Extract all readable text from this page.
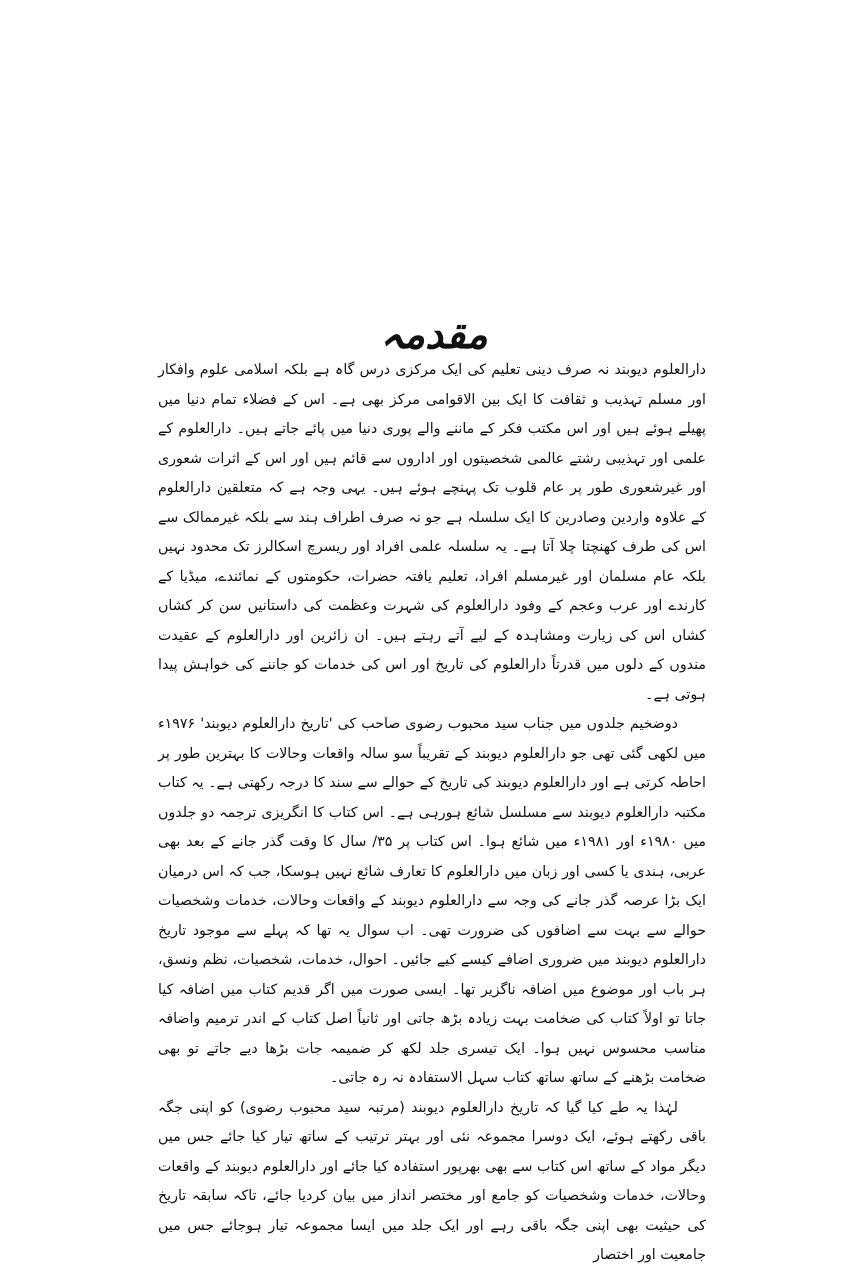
مقدمہ

دارالعلوم دیوبند نہ صرف دینی تعلیم کی ایک مرکزی درس گاہ ہے بلکہ اسلامی علوم وافکار اور مسلم تہذیب و ثقافت کا ایک بین الاقوامی مرکز بھی ہے۔ اس کے فضلاء تمام دنیا میں پھیلے ہوئے ہیں اور اس مکتب فکر کے ماننے والے پوری دنیا میں پائے جاتے ہیں۔ دارالعلوم کے علمی اور تہذیبی رشتے عالمی شخصیتوں اور اداروں سے قائم ہیں اور اس کے اثرات شعوری اور غیرشعوری طور پر عام قلوب تک پہنچے ہوئے ہیں۔ یہی وجہ ہے کہ متعلقین دارالعلوم کے علاوہ واردین وصادرین کا ایک سلسلہ ہے جو نہ صرف اطراف ہند سے بلکہ غیرممالک سے اس کی طرف کھنچتا چلا آتا ہے۔ یہ سلسلہ علمی افراد اور ریسرچ اسکالرز تک محدود نہیں بلکہ عام مسلمان اور غیرمسلم افراد، تعلیم یافتہ حضرات، حکومتوں کے نمائندے، میڈیا کے کارندے اور عرب وعجم کے وفود دارالعلوم کی شہرت وعظمت کی داستانیں سن کر کشاں کشاں اس کی زیارت ومشاہدہ کے لیے آتے رہتے ہیں۔ ان زائرین اور دارالعلوم کے عقیدت مندوں کے دلوں میں قدرتاً دارالعلوم کی تاریخ اور اس کی خدمات کو جاننے کی خواہش پیدا ہوتی ہے۔

دوضخیم جلدوں میں جناب سید محبوب رضوی صاحب کی 'تاریخ دارالعلوم دیوبند' ۱۹۷۶ء میں لکھی گئی تھی جو دارالعلوم دیوبند کے تقریباً سو سالہ واقعات وحالات کا بہترین طور پر احاطہ کرتی ہے اور دارالعلوم دیوبند کی تاریخ کے حوالے سے سند کا درجہ رکھتی ہے۔ یہ کتاب مکتبہ دارالعلوم دیوبند سے مسلسل شائع ہورہی ہے۔ اس کتاب کا انگریزی ترجمہ دو جلدوں میں ۱۹۸۰ء اور ۱۹۸۱ء میں شائع ہوا۔ اس کتاب پر ۳۵/ سال کا وقت گذر جانے کے بعد بھی عربی، ہندی یا کسی اور زبان میں دارالعلوم کا تعارف شائع نہیں ہوسکا، جب کہ اس درمیان ایک بڑا عرصہ گذر جانے کی وجہ سے دارالعلوم دیوبند کے واقعات وحالات، خدمات وشخصیات حوالے سے بہت سے اضافوں کی ضرورت تھی۔ اب سوال یہ تھا کہ پہلے سے موجود تاریخ دارالعلوم دیوبند میں ضروری اضافے کیسے کیے جائیں۔ احوال، خدمات، شخصیات، نظم ونسق، ہر باب اور موضوع میں اضافہ ناگزیر تھا۔ ایسی صورت میں اگر قدیم کتاب میں اضافہ کیا جاتا تو اولاً کتاب کی ضخامت بہت زیادہ بڑھ جاتی اور ثانیاً اصل کتاب کے اندر ترمیم واضافہ مناسب محسوس نہیں ہوا۔ ایک تیسری جلد لکھ کر ضمیمہ جات بڑھا دیے جاتے تو بھی ضخامت بڑھنے کے ساتھ ساتھ کتاب سہل الاستفادہ نہ رہ جاتی۔

لہٰذا یہ طے کیا گیا کہ تاریخ دارالعلوم دیوبند (مرتبہ سید محبوب رضوی) کو اپنی جگہ باقی رکھتے ہوئے، ایک دوسرا مجموعہ نئی اور بہتر ترتیب کے ساتھ تیار کیا جائے جس میں دیگر مواد کے ساتھ اس کتاب سے بھی بھرپور استفادہ کیا جائے اور دارالعلوم دیوبند کے واقعات وحالات، خدمات وشخصیات کو جامع اور مختصر انداز میں بیان کردیا جائے، تاکہ سابقہ تاریخ کی حیثیت بھی اپنی جگہ باقی رہے اور ایک جلد میں ایسا مجموعہ تیار ہوجائے جس میں جامعیت اور اختصار
